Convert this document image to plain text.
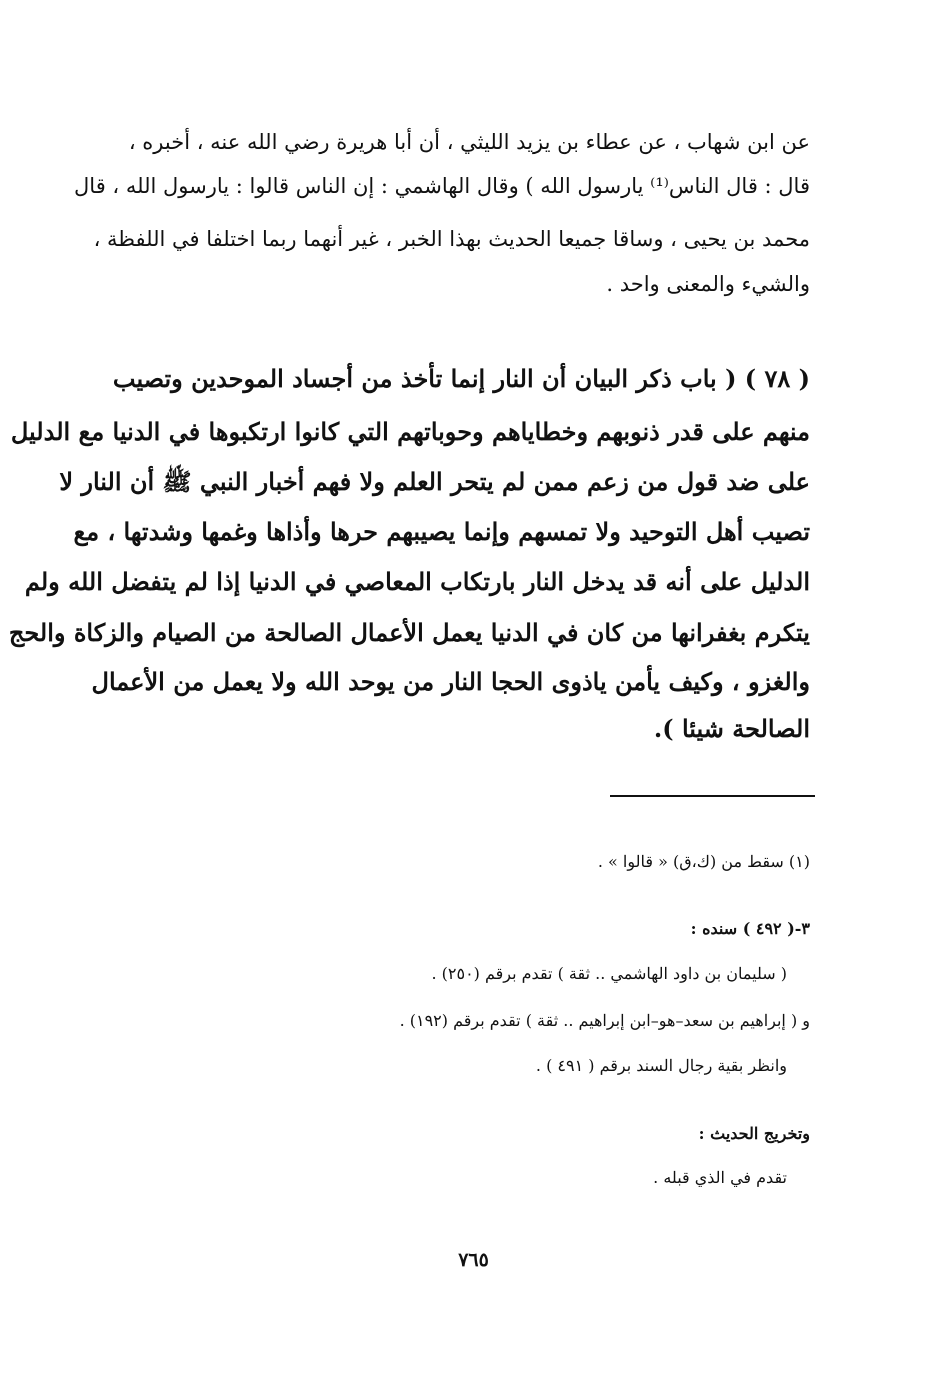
عن ابن شهاب ، عن عطاء بن يزيد الليثي ، أن أبا هريرة رضي الله عنه ، أخبره ،
قال : قال الناس⁽¹⁾ يارسول الله ) وقال الهاشمي : إن الناس قالوا : يارسول الله ، قال
محمد بن يحيى ، وساقا جميعا الحديث بهذا الخبر ، غير أنهما ربما اختلفا في اللفظة ،
والشيء والمعنى واحد .
( ٧٨ ) ( باب ذكر البيان أن النار إنما تأخذ من أجساد الموحدين وتصيب
منهم على قدر ذنوبهم وخطاياهم وحوباتهم التي كانوا ارتكبوها في الدنيا مع الدليل
على ضد قول من زعم ممن لم يتحر العلم ولا فهم أخبار النبي ﷺ أن النار لا
تصيب أهل التوحيد ولا تمسهم وإنما يصيبهم حرها وأذاها وغمها وشدتها ، مع
الدليل على أنه قد يدخل النار بارتكاب المعاصي في الدنيا إذا لم يتفضل الله ولم
يتكرم بغفرانها من كان في الدنيا يعمل الأعمال الصالحة من الصيام والزكاة والحج
والغزو ، وكيف يأمن ياذوى الحجا النار من يوحد الله ولا يعمل من الأعمال
الصالحة شيئا ).
(١) سقط من (ك،ق) « قالوا » .
٣-( ٤٩٢ ) سنده :
( سليمان بن داود الهاشمي .. ثقة ) تقدم برقم (٢٥٠) .
و ( إبراهيم بن سعد–هو–ابن إبراهيم .. ثقة ) تقدم برقم (١٩٢) .
وانظر بقية رجال السند برقم ( ٤٩١ ) .
وتخريج الحديث :
تقدم في الذي قبله .
٧٦٥
